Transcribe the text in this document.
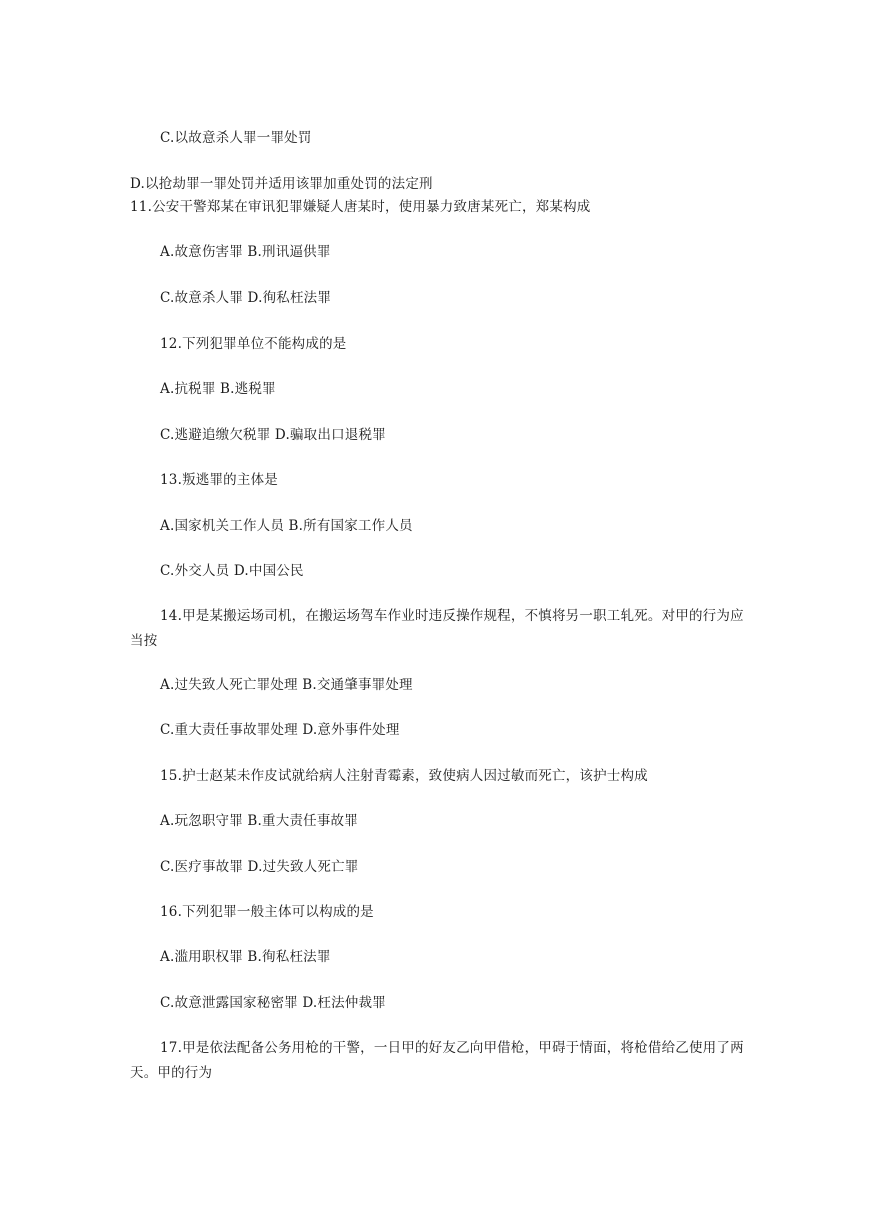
C.以故意杀人罪一罪处罚
D.以抢劫罪一罪处罚并适用该罪加重处罚的法定刑
11.公安干警郑某在审讯犯罪嫌疑人唐某时，使用暴力致唐某死亡，郑某构成
A.故意伤害罪 B.刑讯逼供罪
C.故意杀人罪 D.徇私枉法罪
12.下列犯罪单位不能构成的是
A.抗税罪 B.逃税罪
C.逃避追缴欠税罪 D.骗取出口退税罪
13.叛逃罪的主体是
A.国家机关工作人员 B.所有国家工作人员
C.外交人员 D.中国公民
14.甲是某搬运场司机，在搬运场驾车作业时违反操作规程，不慎将另一职工轧死。对甲的行为应当按
A.过失致人死亡罪处理 B.交通肇事罪处理
C.重大责任事故罪处理 D.意外事件处理
15.护士赵某未作皮试就给病人注射青霉素，致使病人因过敏而死亡，该护士构成
A.玩忽职守罪 B.重大责任事故罪
C.医疗事故罪 D.过失致人死亡罪
16.下列犯罪一般主体可以构成的是
A.滥用职权罪 B.徇私枉法罪
C.故意泄露国家秘密罪 D.枉法仲裁罪
17.甲是依法配备公务用枪的干警，一日甲的好友乙向甲借枪，甲碍于情面，将枪借给乙使用了两天。甲的行为
